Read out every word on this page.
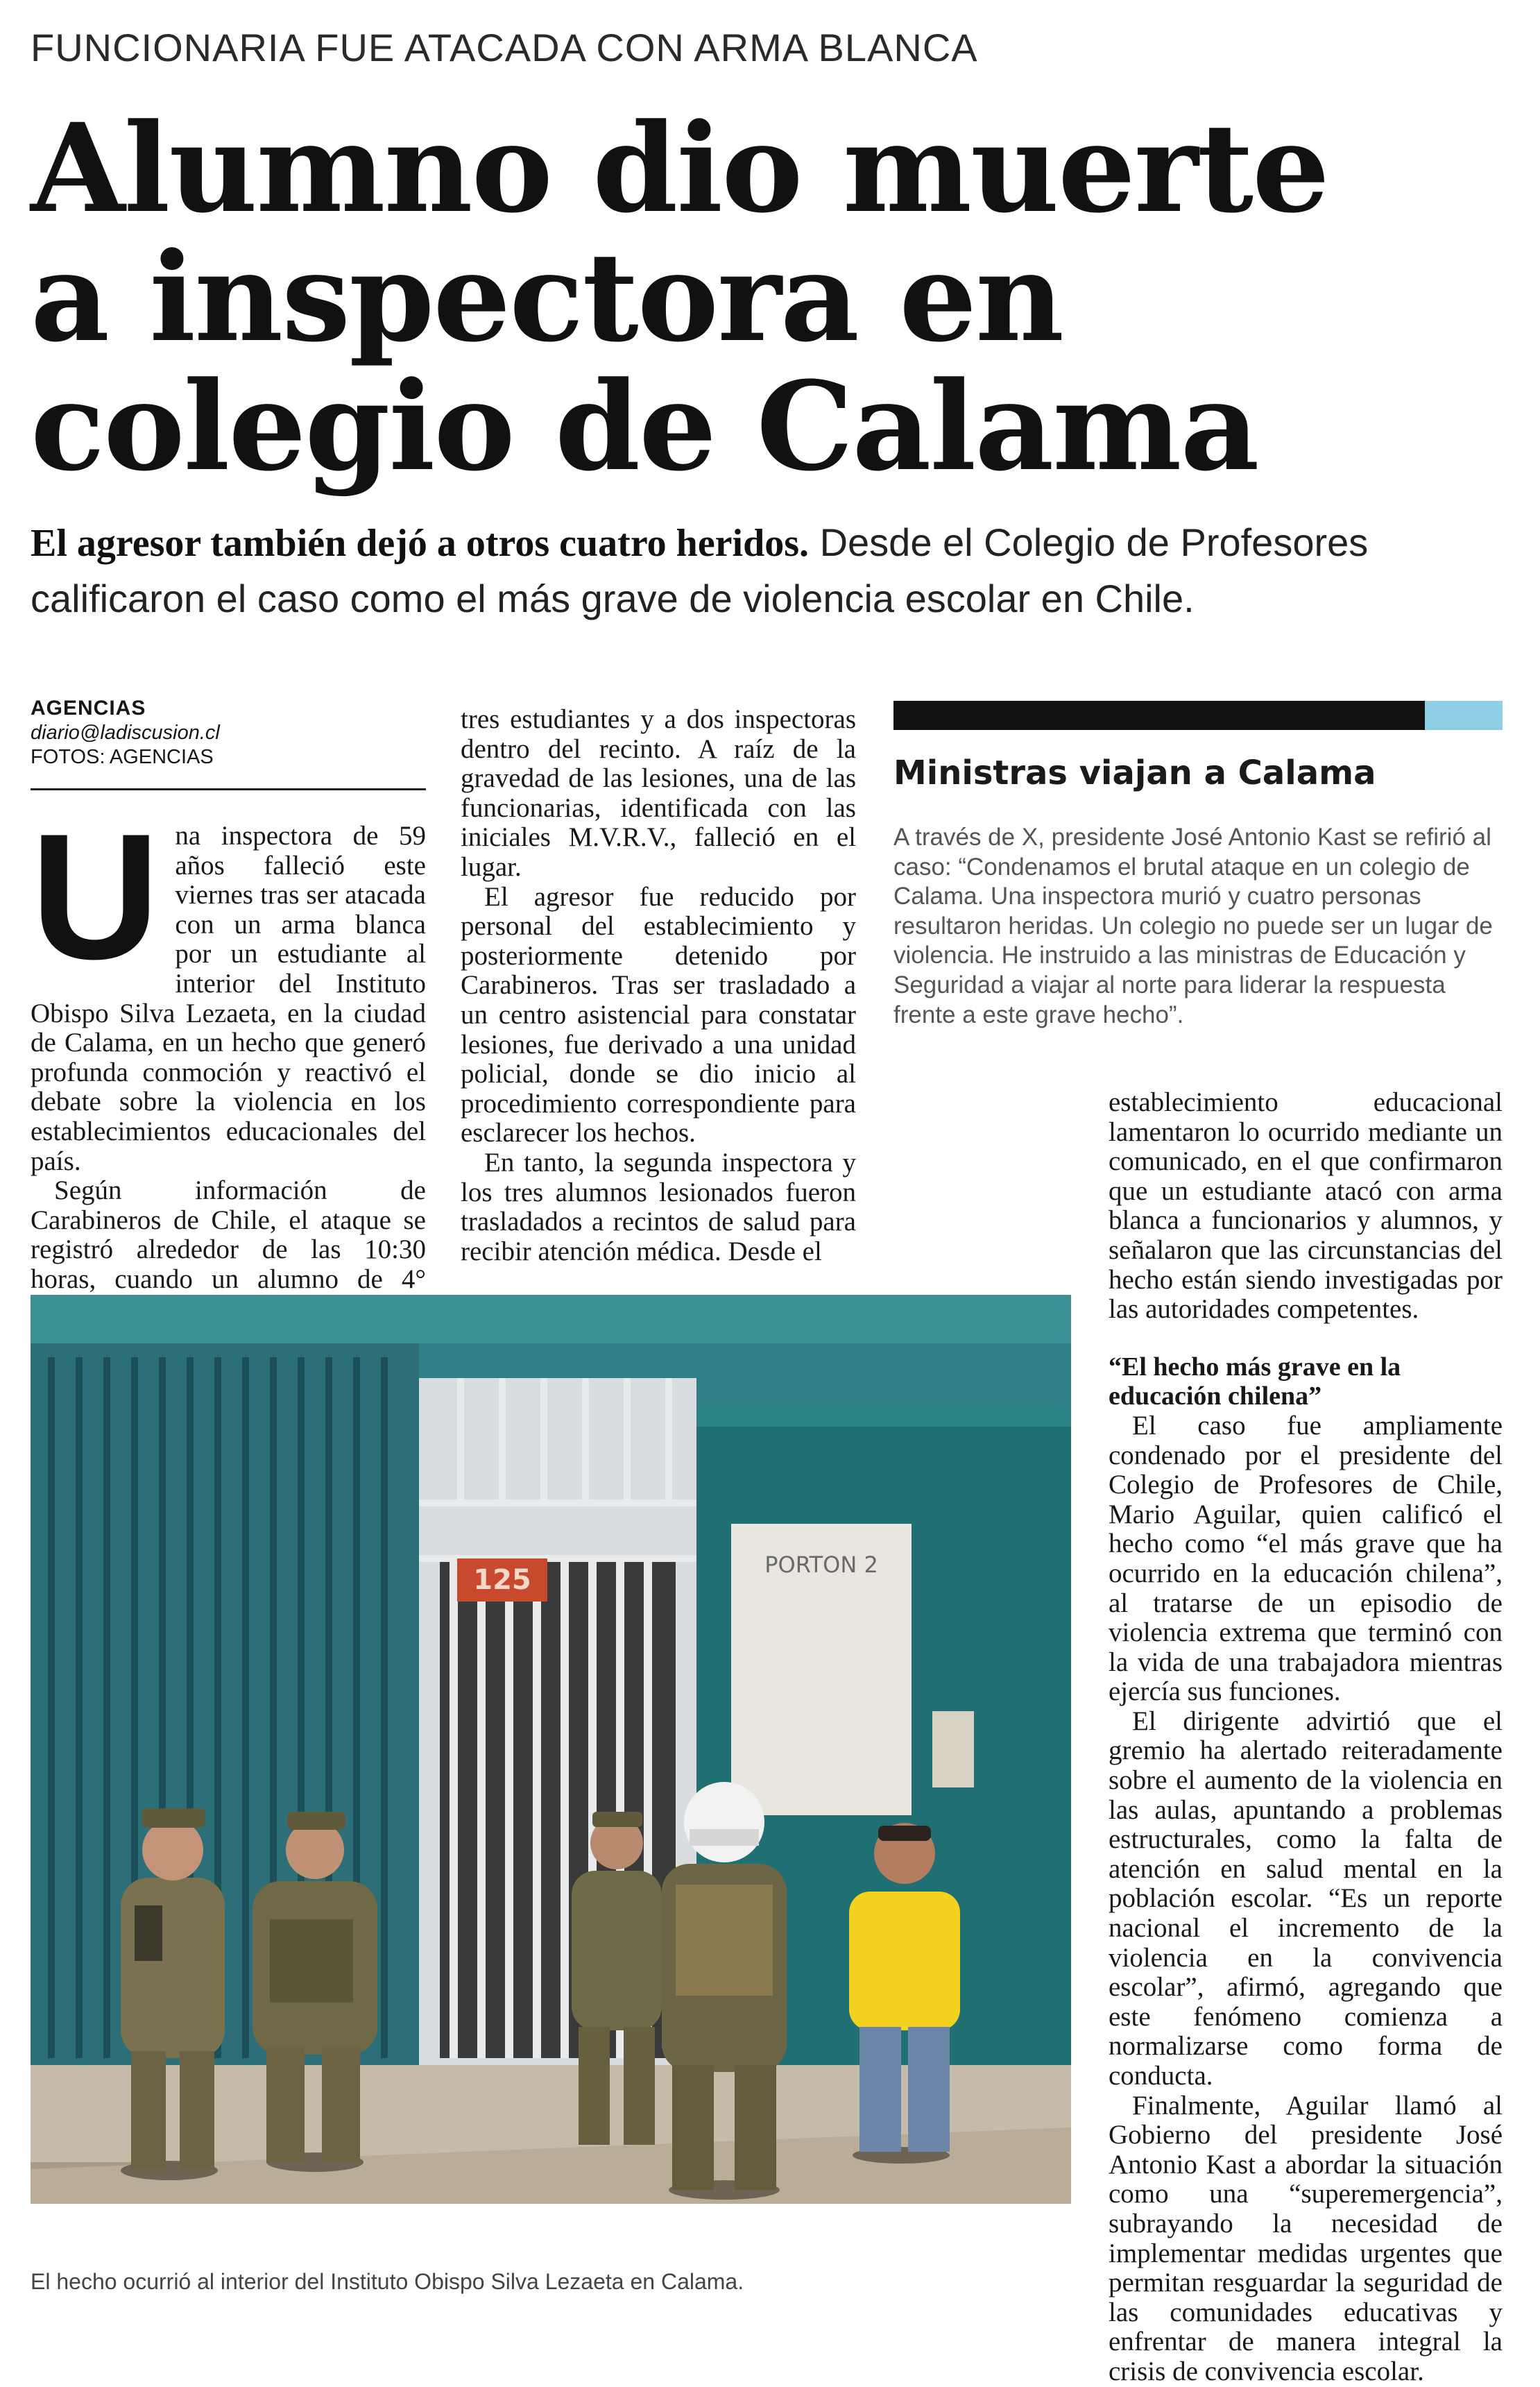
FUNCIONARIA FUE ATACADA CON ARMA BLANCA
Alumno dio muerte
a inspectora en
colegio de Calama
El agresor también dejó a otros cuatro heridos. Desde el Colegio de Profesores calificaron el caso como el más grave de violencia escolar en Chile.
AGENCIAS
diario@ladiscusion.cl
FOTOS: AGENCIAS
U na inspectora de 59 años falleció este viernes tras ser atacada con un arma blanca por un estudiante al interior del Instituto Obispo Silva Lezaeta, en la ciudad de Calama, en un hecho que generó profunda conmoción y reactivó el debate sobre la violencia en los establecimientos educacionales del país.

Según información de Carabineros de Chile, el ataque se registró alrededor de las 10:30 horas, cuando un alumno de 4°

tres estudiantes y a dos inspectoras dentro del recinto. A raíz de la gravedad de las lesiones, una de las funcionarias, identificada con las iniciales M.V.R.V., falleció en el lugar.

El agresor fue reducido por personal del establecimiento y posteriormente detenido por Carabineros. Tras ser trasladado a un centro asistencial para constatar lesiones, fue derivado a una unidad policial, donde se dio inicio al procedimiento correspondiente para esclarecer los hechos.

En tanto, la segunda inspectora y los tres alumnos lesionados fueron trasladados a recintos de salud para recibir atención médica. Desde el

Ministras viajan a Calama
A través de X, presidente José Antonio Kast se refirió al caso: “Condenamos el brutal ataque en un colegio de Calama. Una inspectora murió y cuatro personas resultaron heridas. Un colegio no puede ser un lugar de violencia. He instruido a las ministras de Educación y Seguridad a viajar al norte para liderar la respuesta frente a este grave hecho”.

establecimiento educacional lamentaron lo ocurrido mediante un comunicado, en el que confirmaron que un estudiante atacó con arma blanca a funcionarios y alumnos, y señalaron que las circunstancias del hecho están siendo investigadas por las autoridades competentes.

“El hecho más grave en la educación chilena”

El caso fue ampliamente condenado por el presidente del Colegio de Profesores de Chile, Mario Aguilar, quien calificó el hecho como “el más grave que ha ocurrido en la educación chilena”, al tratarse de un episodio de violencia extrema que terminó con la vida de una trabajadora mientras ejercía sus funciones.

El dirigente advirtió que el gremio ha alertado reiteradamente sobre el aumento de la violencia en las aulas, apuntando a problemas estructurales, como la falta de atención en salud mental en la población escolar. “Es un reporte nacional el incremento de la violencia en la convivencia escolar”, afirmó, agregando que este fenómeno comienza a normalizarse como forma de conducta.

Finalmente, Aguilar llamó al Gobierno del presidente José Antonio Kast a abordar la situación como una “superemergencia”, subrayando la necesidad de implementar medidas urgentes que permitan resguardar la seguridad de las comunidades educativas y enfrentar de manera integral la crisis de convivencia escolar.

125	PORTON 2
El hecho ocurrió al interior del Instituto Obispo Silva Lezaeta en Calama.
